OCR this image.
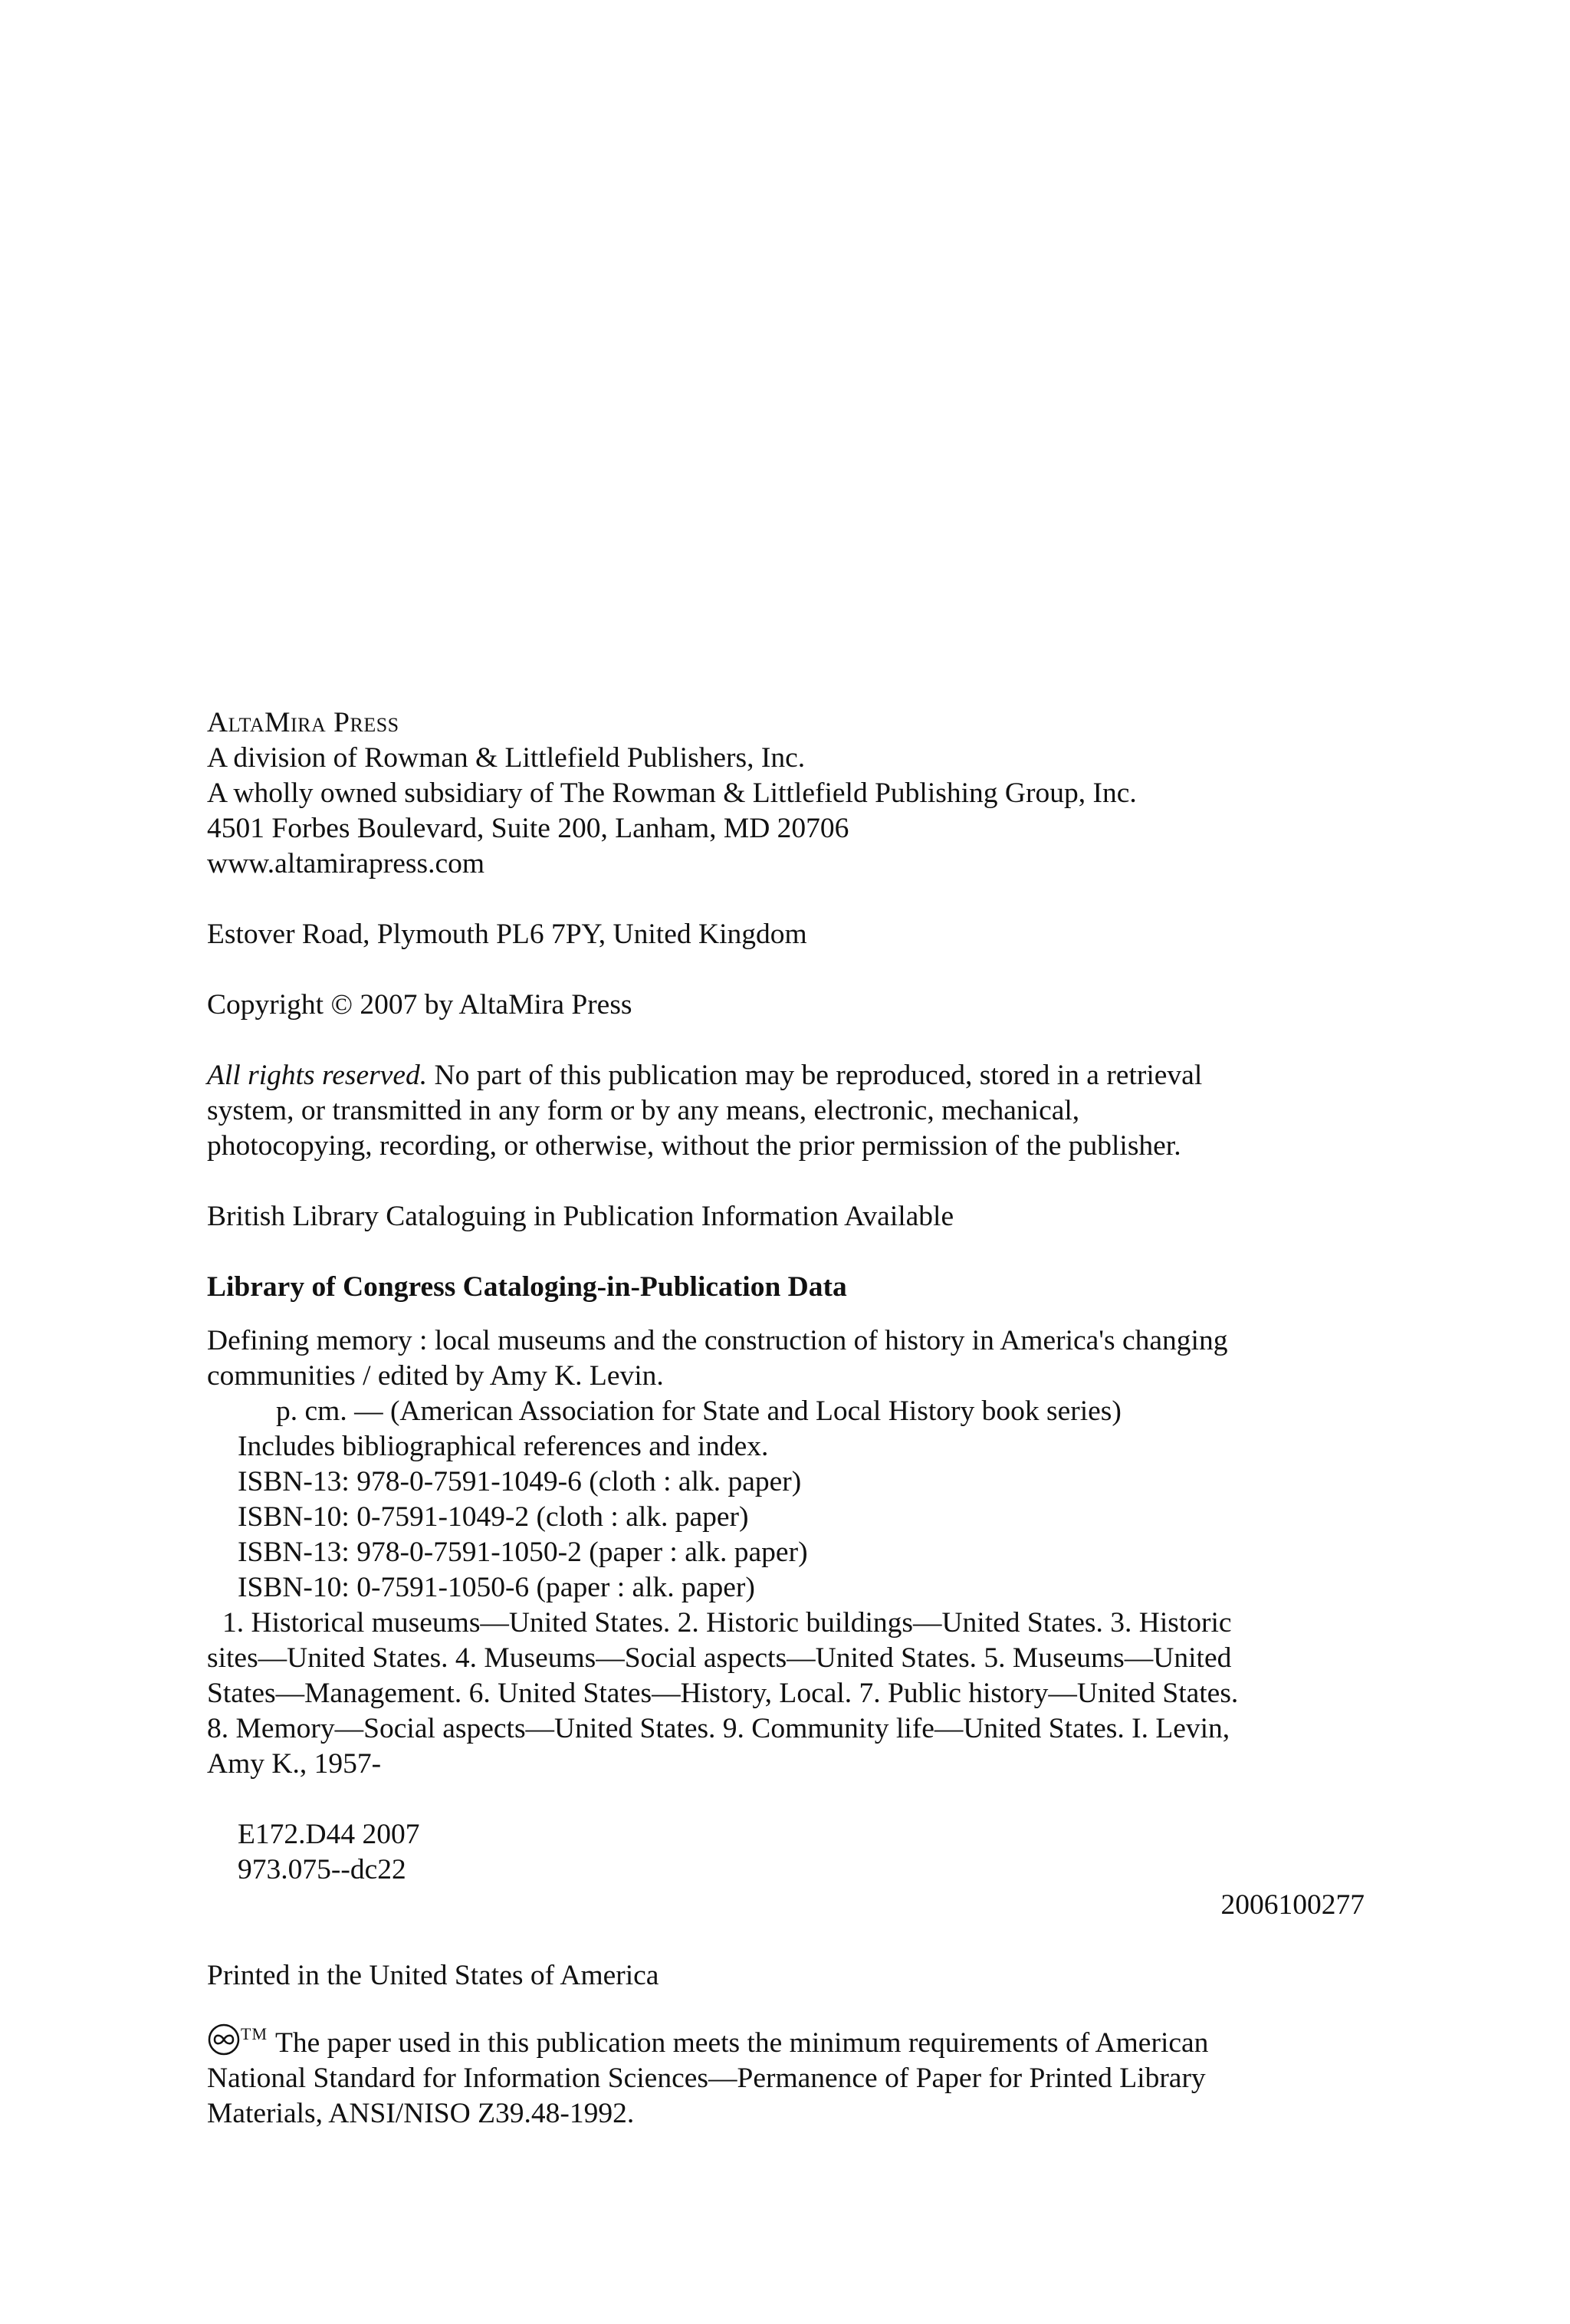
AltaMira Press
A division of Rowman & Littlefield Publishers, Inc.
A wholly owned subsidiary of The Rowman & Littlefield Publishing Group, Inc.
4501 Forbes Boulevard, Suite 200, Lanham, MD 20706
www.altamirapress.com
Estover Road, Plymouth PL6 7PY, United Kingdom
Copyright © 2007 by AltaMira Press
All rights reserved. No part of this publication may be reproduced, stored in a retrieval
system, or transmitted in any form or by any means, electronic, mechanical,
photocopying, recording, or otherwise, without the prior permission of the publisher.
British Library Cataloguing in Publication Information Available
Library of Congress Cataloging-in-Publication Data
Defining memory : local museums and the construction of history in America's changing
communities / edited by Amy K. Levin.
p. cm. — (American Association for State and Local History book series)
Includes bibliographical references and index.
ISBN-13: 978-0-7591-1049-6 (cloth : alk. paper)
ISBN-10: 0-7591-1049-2 (cloth : alk. paper)
ISBN-13: 978-0-7591-1050-2 (paper : alk. paper)
ISBN-10: 0-7591-1050-6 (paper : alk. paper)
1. Historical museums—United States. 2. Historic buildings—United States. 3. Historic
sites—United States. 4. Museums—Social aspects—United States. 5. Museums—United
States—Management. 6. United States—History, Local. 7. Public history—United States.
8. Memory—Social aspects—United States. 9. Community life—United States. I. Levin,
Amy K., 1957-
E172.D44 2007
973.075--dc22
2006100277
Printed in the United States of America
™ The paper used in this publication meets the minimum requirements of American
National Standard for Information Sciences—Permanence of Paper for Printed Library
Materials, ANSI/NISO Z39.48-1992.
